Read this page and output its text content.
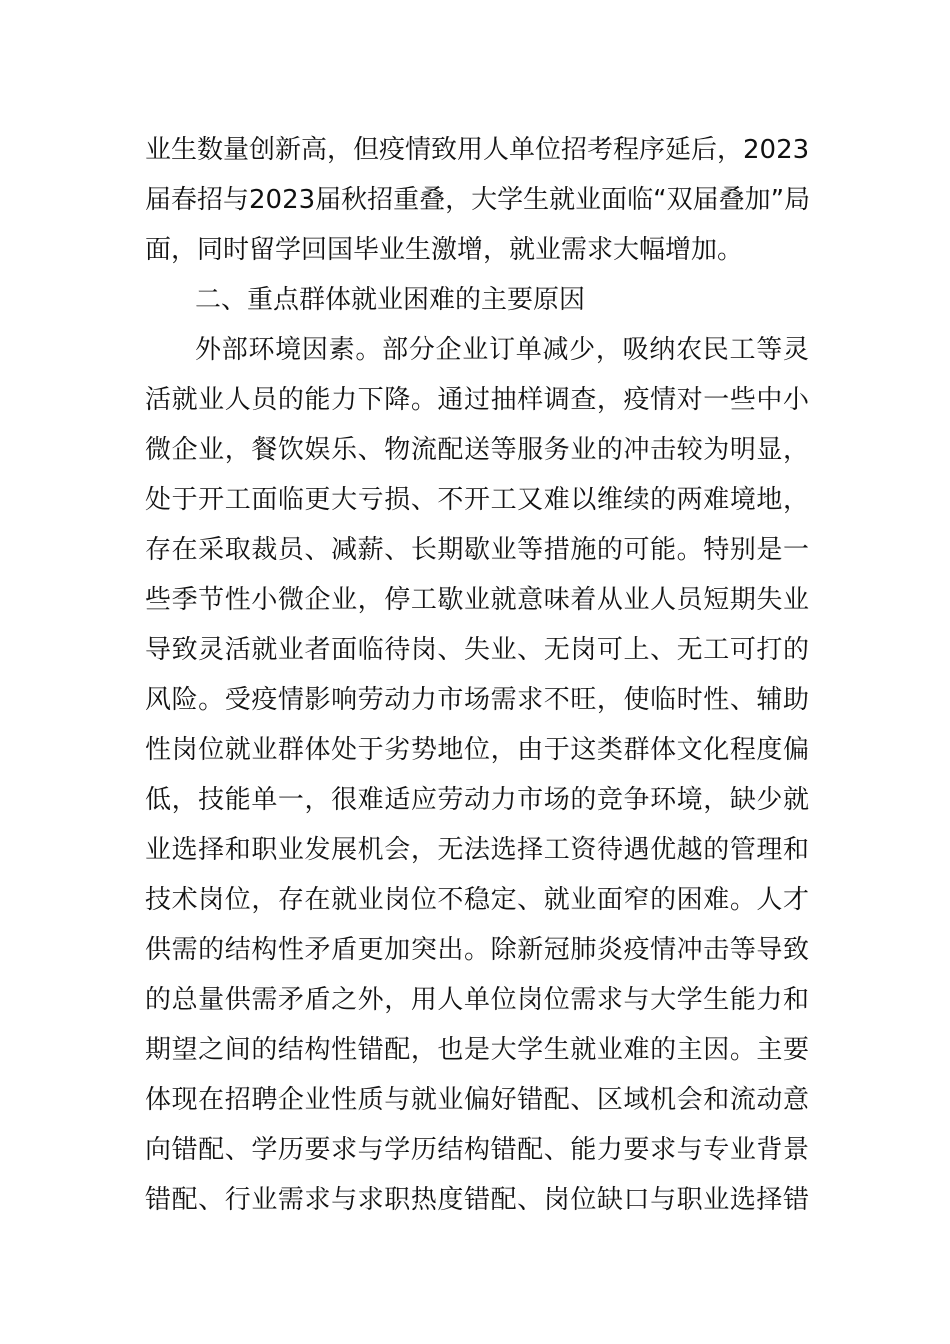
业生数量创新高，但疫情致用人单位招考程序延后，2023
届春招与2023届秋招重叠，大学生就业面临“双届叠加”局
面，同时留学回国毕业生激增，就业需求大幅增加。
二、重点群体就业困难的主要原因
外部环境因素。部分企业订单减少，吸纳农民工等灵
活就业人员的能力下降。通过抽样调查，疫情对一些中小
微企业，餐饮娱乐、物流配送等服务业的冲击较为明显，
处于开工面临更大亏损、不开工又难以维续的两难境地，
存在采取裁员、减薪、长期歇业等措施的可能。特别是一
些季节性小微企业，停工歇业就意味着从业人员短期失业
导致灵活就业者面临待岗、失业、无岗可上、无工可打的
风险。受疫情影响劳动力市场需求不旺，使临时性、辅助
性岗位就业群体处于劣势地位，由于这类群体文化程度偏
低，技能单一，很难适应劳动力市场的竞争环境，缺少就
业选择和职业发展机会，无法选择工资待遇优越的管理和
技术岗位，存在就业岗位不稳定、就业面窄的困难。人才
供需的结构性矛盾更加突出。除新冠肺炎疫情冲击等导致
的总量供需矛盾之外，用人单位岗位需求与大学生能力和
期望之间的结构性错配，也是大学生就业难的主因。主要
体现在招聘企业性质与就业偏好错配、区域机会和流动意
向错配、学历要求与学历结构错配、能力要求与专业背景
错配、行业需求与求职热度错配、岗位缺口与职业选择错
